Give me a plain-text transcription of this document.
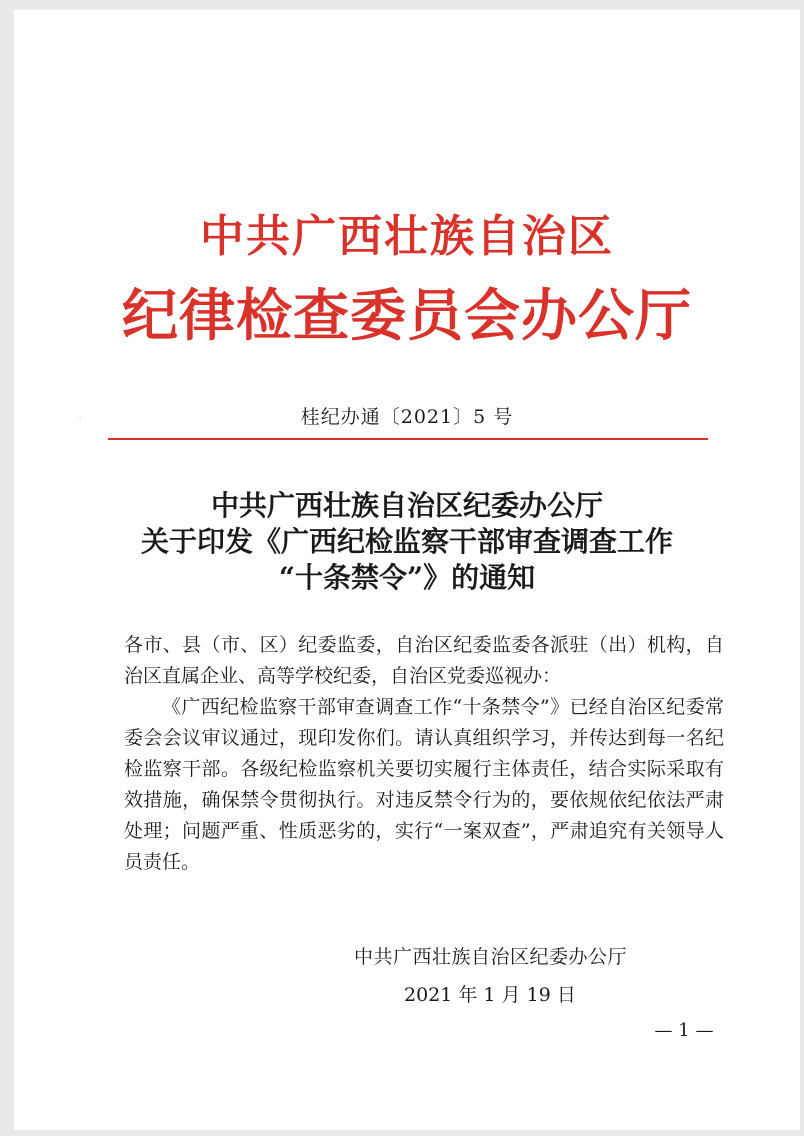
中共广西壮族自治区
纪律检查委员会办公厅
⁖	桂纪办通〔2021〕5 号
中共广西壮族自治区纪委办公厅
关于印发《广西纪检监察干部审查调查工作
“十条禁令”》的通知

各市、县（市、区）纪委监委，自治区纪委监委各派驻（出）机构，自治区直属企业、高等学校纪委，自治区党委巡视办：

《广西纪检监察干部审查调查工作“十条禁令”》已经自治区纪委常委会会议审议通过，现印发你们。请认真组织学习，并传达到每一名纪检监察干部。各级纪检监察机关要切实履行主体责任，结合实际采取有效措施，确保禁令贯彻执行。对违反禁令行为的，要依规依纪依法严肃处理；问题严重、性质恶劣的，实行“一案双查”，严肃追究有关领导人员责任。

中共广西壮族自治区纪委办公厅
2021 年 1 月 19 日
— 1 —
